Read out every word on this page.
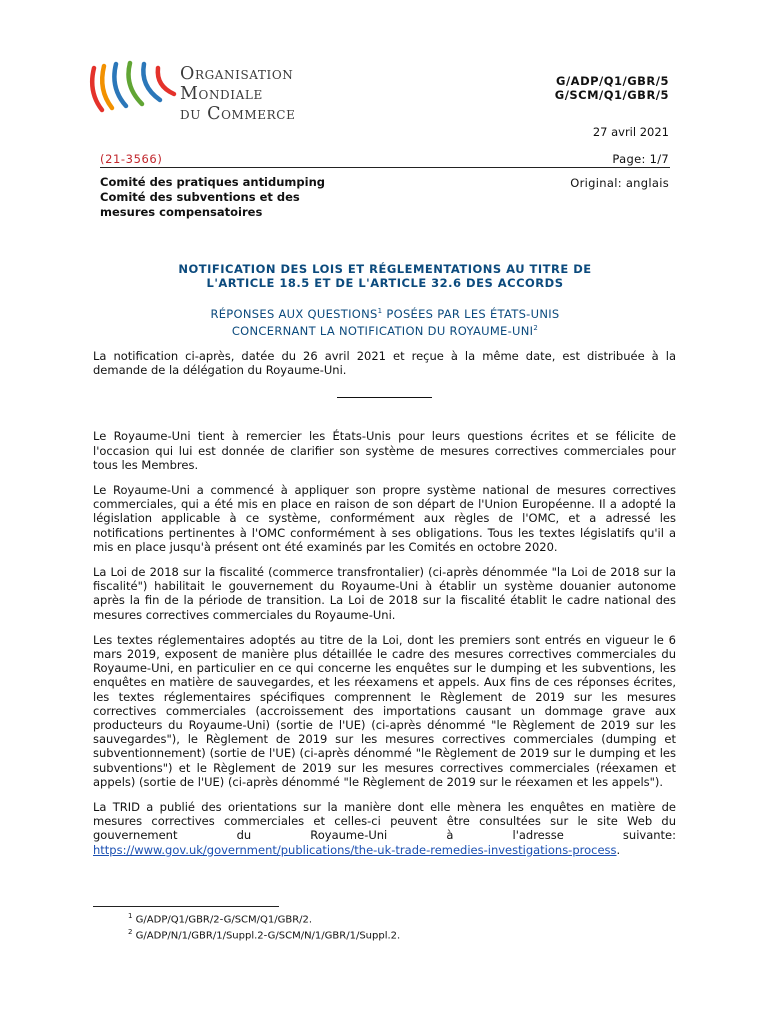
Organisation
Mondiale
du Commerce
G/ADP/Q1/GBR/5
G/SCM/Q1/GBR/5
27 avril 2021
(21-3566)	Page: 1/7
Comité des pratiques antidumping
Comité des subventions et des
mesures compensatoires
Original: anglais
NOTIFICATION DES LOIS ET RÉGLEMENTATIONS AU TITRE DE
L'ARTICLE 18.5 ET DE L'ARTICLE 32.6 DES ACCORDS
RÉPONSES AUX QUESTIONS$^1$ POSÉES PAR LES ÉTATS-UNIS
CONCERNANT LA NOTIFICATION DU ROYAUME-UNI$^2$

La notification ci-après, datée du 26 avril 2021 et reçue à la même date, est distribuée à la demande de la délégation du Royaume-Uni.

Le Royaume-Uni tient à remercier les États-Unis pour leurs questions écrites et se félicite de l'occasion qui lui est donnée de clarifier son système de mesures correctives commerciales pour tous les Membres.

Le Royaume-Uni a commencé à appliquer son propre système national de mesures correctives commerciales, qui a été mis en place en raison de son départ de l'Union Européenne. Il a adopté la législation applicable à ce système, conformément aux règles de l'OMC, et a adressé les notifications pertinentes à l'OMC conformément à ses obligations. Tous les textes législatifs qu'il a mis en place jusqu'à présent ont été examinés par les Comités en octobre 2020.

La Loi de 2018 sur la fiscalité (commerce transfrontalier) (ci-après dénommée "la Loi de 2018 sur la fiscalité") habilitait le gouvernement du Royaume-Uni à établir un système douanier autonome après la fin de la période de transition. La Loi de 2018 sur la fiscalité établit le cadre national des mesures correctives commerciales du Royaume-Uni.

Les textes réglementaires adoptés au titre de la Loi, dont les premiers sont entrés en vigueur le 6 mars 2019, exposent de manière plus détaillée le cadre des mesures correctives commerciales du Royaume-Uni, en particulier en ce qui concerne les enquêtes sur le dumping et les subventions, les enquêtes en matière de sauvegardes, et les réexamens et appels. Aux fins de ces réponses écrites, les textes réglementaires spécifiques comprennent le Règlement de 2019 sur les mesures correctives commerciales (accroissement des importations causant un dommage grave aux producteurs du Royaume-Uni) (sortie de l'UE) (ci-après dénommé "le Règlement de 2019 sur les sauvegardes"), le Règlement de 2019 sur les mesures correctives commerciales (dumping et subventionnement) (sortie de l'UE) (ci-après dénommé "le Règlement de 2019 sur le dumping et les subventions") et le Règlement de 2019 sur les mesures correctives commerciales (réexamen et appels) (sortie de l'UE) (ci-après dénommé "le Règlement de 2019 sur le réexamen et les appels").

La TRID a publié des orientations sur la manière dont elle mènera les enquêtes en matière de mesures correctives commerciales et celles-ci peuvent être consultées sur le site Web du gouvernement du Royaume-Uni à l'adresse suivante:

https://www.gov.uk/government/publications/the-uk-trade-remedies-investigations-process.

$^1$ G/ADP/Q1/GBR/2-G/SCM/Q1/GBR/2.
$^2$ G/ADP/N/1/GBR/1/Suppl.2-G/SCM/N/1/GBR/1/Suppl.2.
